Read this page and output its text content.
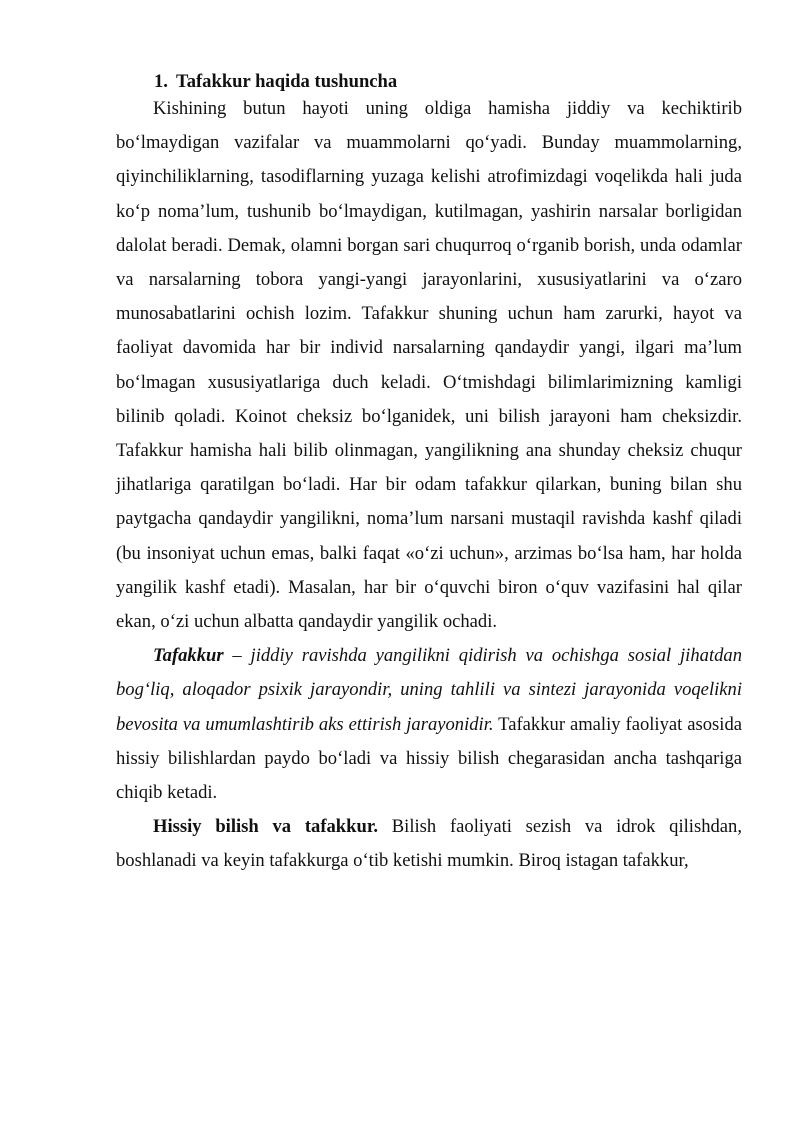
1. Tafakkur haqida tushuncha

Kishining butun hayoti uning oldiga hamisha jiddiy va kechiktirib bo‘lmaydigan vazifalar va muammolarni qo‘yadi. Bunday muammolarning, qiyinchiliklarning, tasodiflarning yuzaga kelishi atrofimizdagi voqelikda hali juda ko‘p noma’lum, tushunib bo‘lmaydigan, kutilmagan, yashirin narsalar borligidan dalolat beradi. Demak, olamni borgan sari chuqurroq o‘rganib borish, unda odamlar va narsalarning tobora yangi-yangi jarayonlarini, xususiyatlarini va o‘zaro munosabatlarini ochish lozim. Tafakkur shuning uchun ham zarurki, hayot va faoliyat davomida har bir individ narsalarning qandaydir yangi, ilgari ma’lum bo‘lmagan xususiyatlariga duch keladi. O‘tmishdagi bilimlarimizning kamligi bilinib qoladi. Koinot cheksiz bo‘lganidek, uni bilish jarayoni ham cheksizdir. Tafakkur hamisha hali bilib olinmagan, yangilikning ana shunday cheksiz chuqur jihatlariga qaratilgan bo‘ladi. Har bir odam tafakkur qilarkan, buning bilan shu paytgacha qandaydir yangilikni, noma’lum narsani mustaqil ravishda kashf qiladi (bu insoniyat uchun emas, balki faqat «o‘zi uchun», arzimas bo‘lsa ham, har holda yangilik kashf etadi). Masalan, har bir o‘quvchi biron o‘quv vazifasini hal qilar ekan, o‘zi uchun albatta qandaydir yangilik ochadi.

Tafakkur – jiddiy ravishda yangilikni qidirish va ochishga sosial jihatdan bog‘liq, aloqador psixik jarayondir, uning tahlili va sintezi jarayonida voqelikni bevosita va umumlashtirib aks ettirish jarayonidir. Tafakkur amaliy faoliyat asosida hissiy bilishlardan paydo bo‘ladi va hissiy bilish chegarasidan ancha tashqariga chiqib ketadi.

Hissiy bilish va tafakkur. Bilish faoliyati sezish va idrok qilishdan, boshlanadi va keyin tafakkurga o‘tib ketishi mumkin. Biroq istagan tafakkur,
